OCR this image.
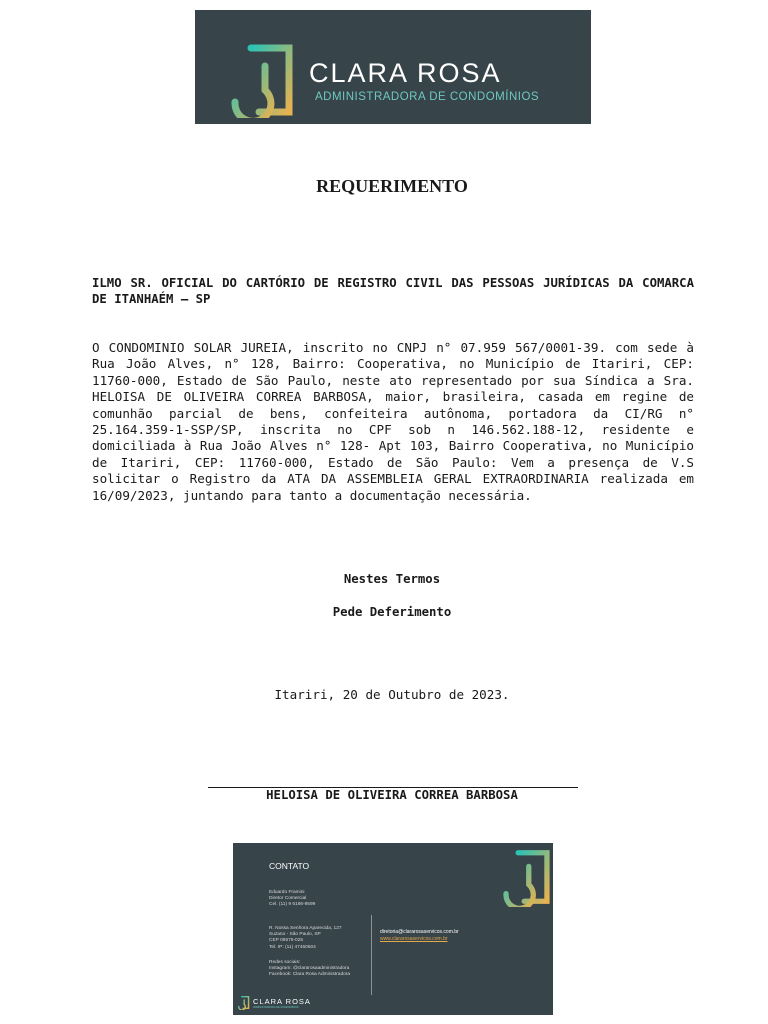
CLARA ROSA
ADMINISTRADORA DE CONDOMÍNIOS
REQUERIMENTO
ILMO SR. OFICIAL DO CARTÓRIO DE REGISTRO CIVIL DAS PESSOAS JURÍDICAS DA COMARCA DE ITANHAÉM – SP
O CONDOMINIO SOLAR JUREIA, inscrito no CNPJ n° 07.959 567/0001-39. com sede à Rua João Alves, n° 128, Bairro: Cooperativa, no Município de Itariri, CEP: 11760-000, Estado de São Paulo, neste ato representado por sua Síndica a Sra. HELOISA DE OLIVEIRA CORREA BARBOSA, maior, brasileira, casada em regine de comunhão parcial de bens, confeiteira autônoma, portadora da CI/RG n° 25.164.359-1-SSP/SP, inscrita no CPF sob n 146.562.188-12, residente e domiciliada à Rua João Alves n° 128- Apt 103, Bairro Cooperativa, no Município de Itariri, CEP: 11760-000, Estado de São Paulo: Vem a presença de V.S solicitar o Registro da ATA DA ASSEMBLEIA GERAL EXTRAORDINARIA realizada em 16/09/2023, juntando para tanto a documentação necessária.
Nestes Termos
Pede Deferimento
Itariri, 20 de Outubro de 2023.
HELOISA DE OLIVEIRA CORREA BARBOSA
CONTATO
Eduardo Framini
Diretor Comercial
Cel. (11) 9 6186-9599
R. Nossa Senhora Aparecida, 127
Suzano - São Paulo, SP
CEP 08675-025
Tel. IP: (11) 47450604
Redes sociais:
Instagram: @clararosaadministradora
Facebook: Clara Rosa Administradora
diretoria@clararosaservicos.com.br
www.clararosaservicos.com.br
CLARA ROSA
ADMINISTRADORA DE CONDOMÍNIOS
